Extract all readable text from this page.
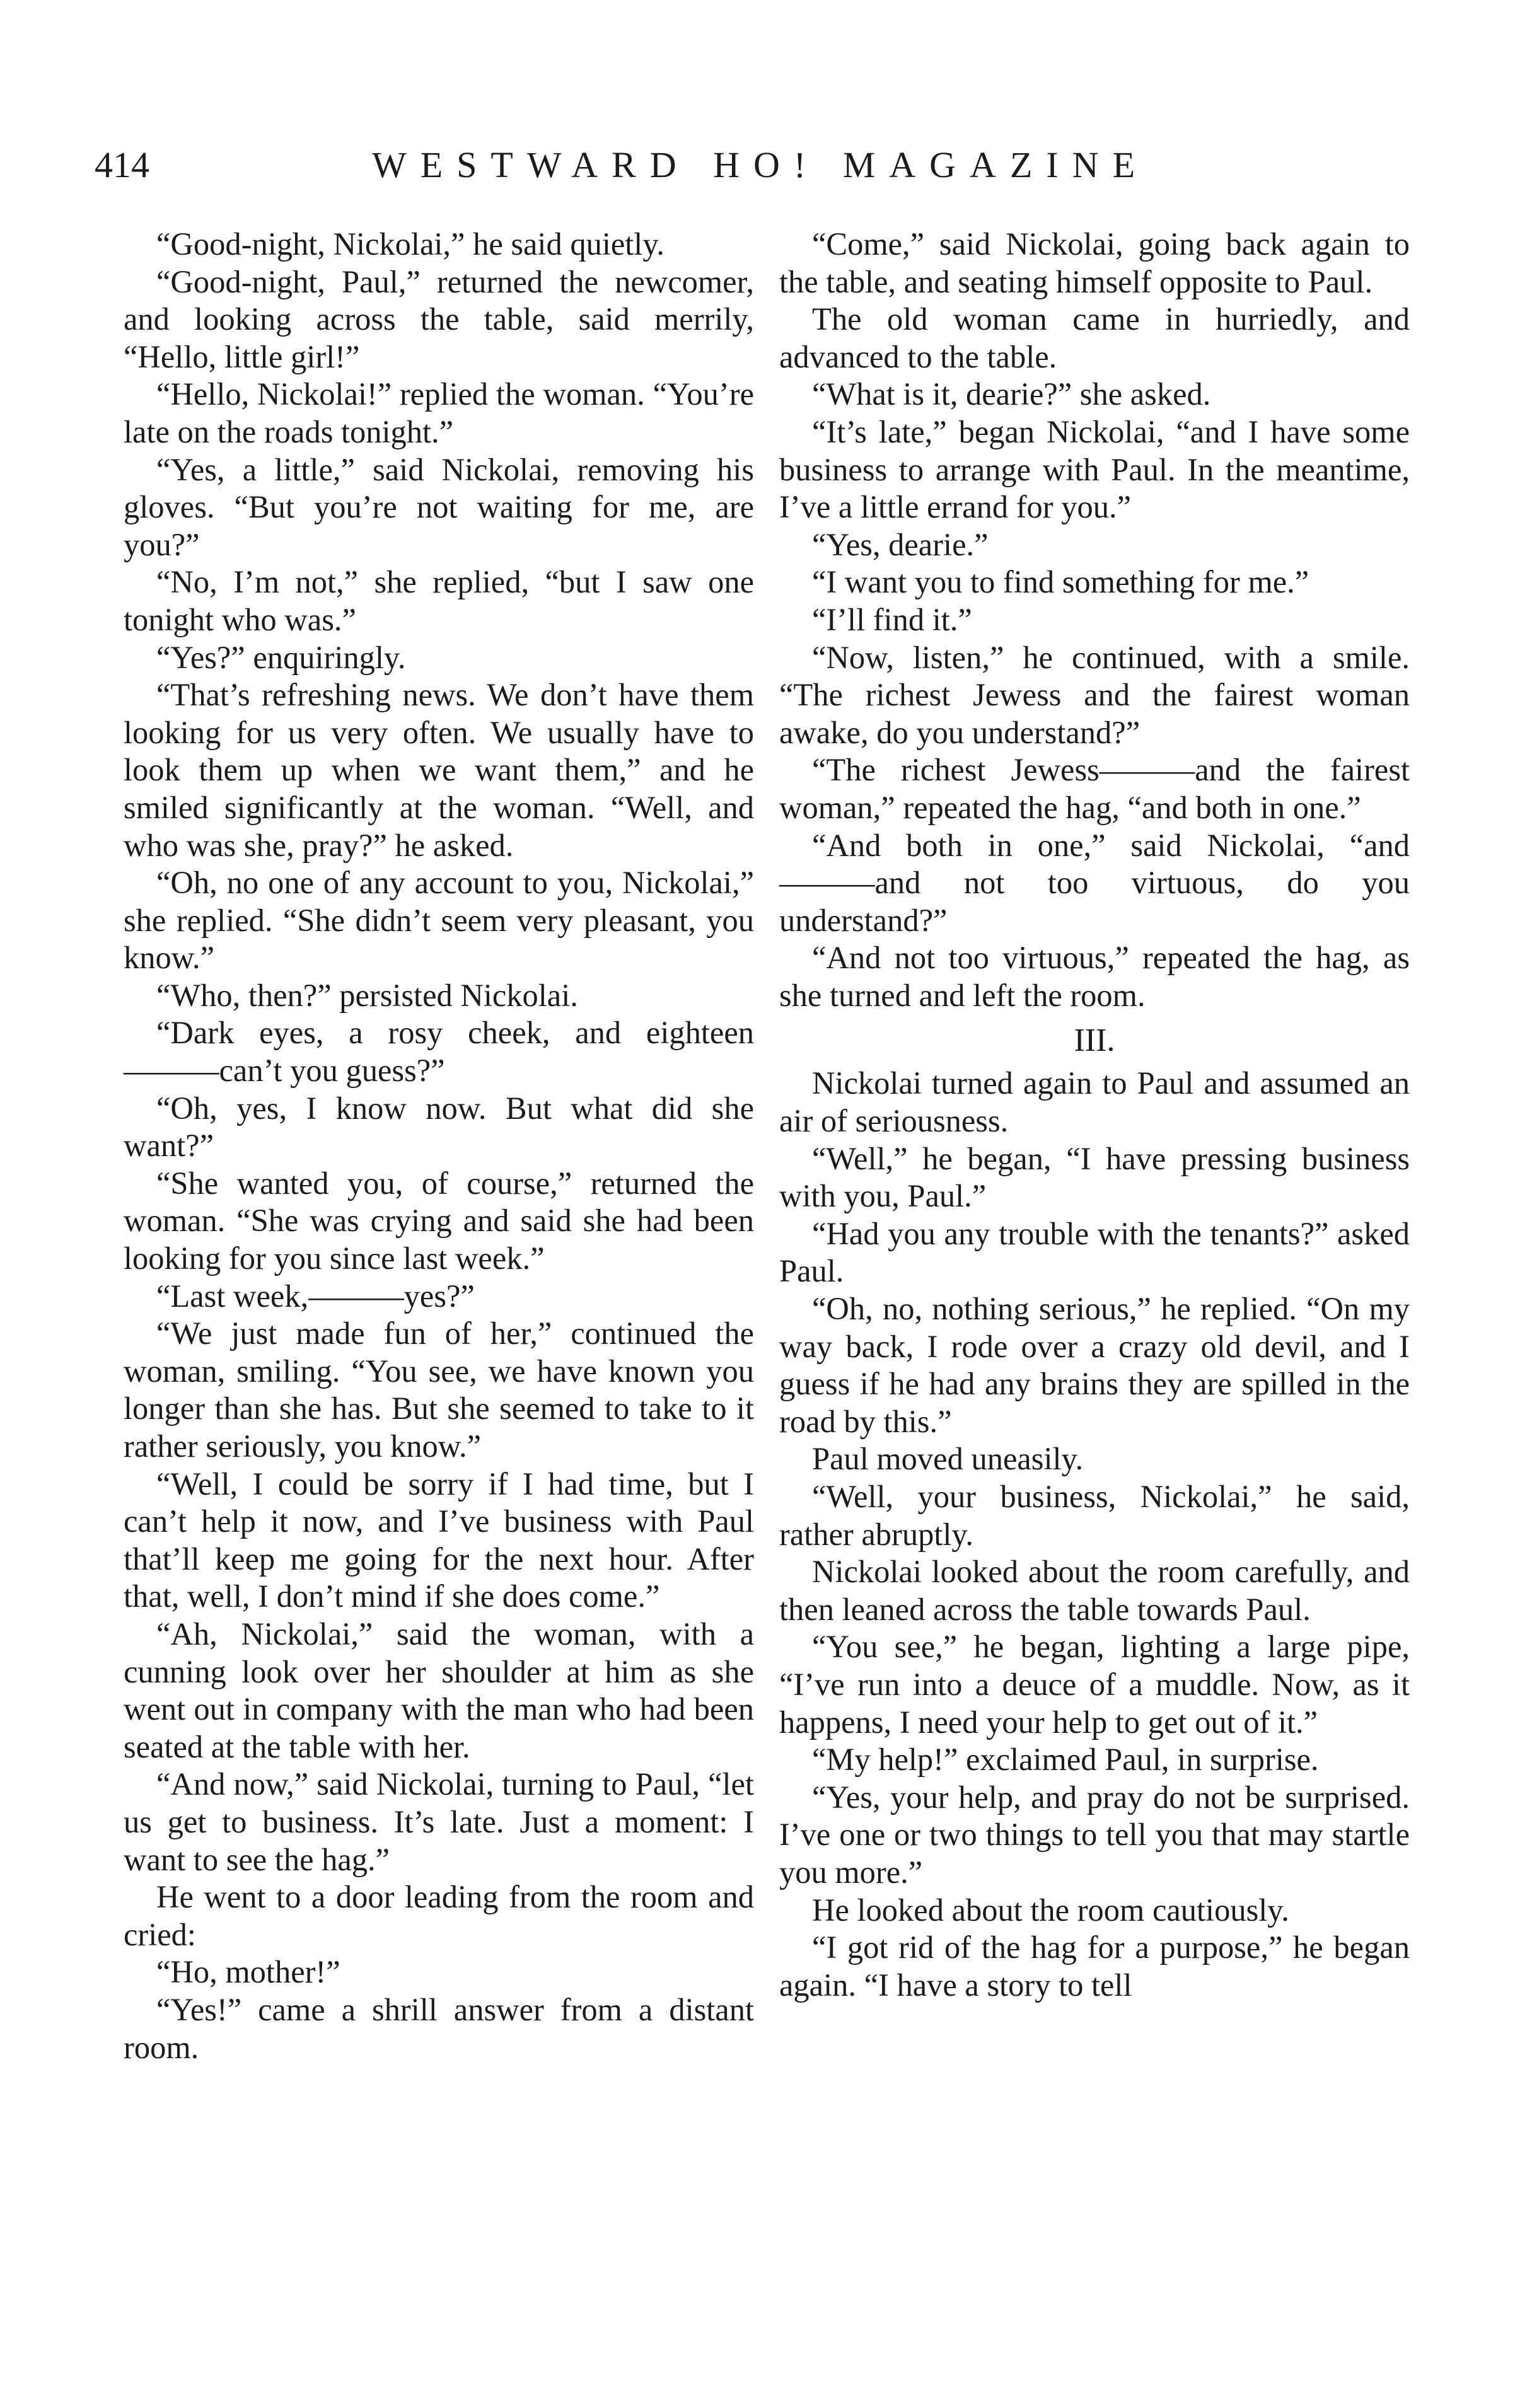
414	WESTWARD HO! MAGAZINE

“Good-night, Nickolai,” he said quietly.

“Good-night, Paul,” returned the newcomer, and looking across the table, said merrily, “Hello, little girl!”

“Hello, Nickolai!” replied the woman. “You’re late on the roads tonight.”

“Yes, a little,” said Nickolai, removing his gloves. “But you’re not waiting for me, are you?”

“No, I’m not,” she replied, “but I saw one tonight who was.”

“Yes?” enquiringly.

“That’s refreshing news. We don’t have them looking for us very often. We usually have to look them up when we want them,” and he smiled significantly at the woman. “Well, and who was she, pray?” he asked.

“Oh, no one of any account to you, Nickolai,” she replied. “She didn’t seem very pleasant, you know.”

“Who, then?” persisted Nickolai.

“Dark eyes, a rosy cheek, and eighteen ———can’t you guess?”

“Oh, yes, I know now. But what did she want?”

“She wanted you, of course,” returned the woman. “She was crying and said she had been looking for you since last week.”

“Last week,———yes?”

“We just made fun of her,” continued the woman, smiling. “You see, we have known you longer than she has. But she seemed to take to it rather seriously, you know.”

“Well, I could be sorry if I had time, but I can’t help it now, and I’ve business with Paul that’ll keep me going for the next hour. After that, well, I don’t mind if she does come.”

“Ah, Nickolai,” said the woman, with a cunning look over her shoulder at him as she went out in company with the man who had been seated at the table with her.

“And now,” said Nickolai, turning to Paul, “let us get to business. It’s late. Just a moment: I want to see the hag.”

He went to a door leading from the room and cried:

“Ho, mother!”

“Yes!” came a shrill answer from a distant room.

“Come,” said Nickolai, going back again to the table, and seating himself opposite to Paul.

The old woman came in hurriedly, and advanced to the table.

“What is it, dearie?” she asked.

“It’s late,” began Nickolai, “and I have some business to arrange with Paul. In the meantime, I’ve a little errand for you.”

“Yes, dearie.”

“I want you to find something for me.”

“I’ll find it.”

“Now, listen,” he continued, with a smile. “The richest Jewess and the fairest woman awake, do you understand?”

“The richest Jewess———and the fairest woman,” repeated the hag, “and both in one.”

“And both in one,” said Nickolai, “and ———and not too virtuous, do you understand?”

“And not too virtuous,” repeated the hag, as she turned and left the room.

III.

Nickolai turned again to Paul and assumed an air of seriousness.

“Well,” he began, “I have pressing business with you, Paul.”

“Had you any trouble with the tenants?” asked Paul.

“Oh, no, nothing serious,” he replied. “On my way back, I rode over a crazy old devil, and I guess if he had any brains they are spilled in the road by this.”

Paul moved uneasily.

“Well, your business, Nickolai,” he said, rather abruptly.

Nickolai looked about the room carefully, and then leaned across the table towards Paul.

“You see,” he began, lighting a large pipe, “I’ve run into a deuce of a muddle. Now, as it happens, I need your help to get out of it.”

“My help!” exclaimed Paul, in surprise.

“Yes, your help, and pray do not be surprised. I’ve one or two things to tell you that may startle you more.”

He looked about the room cautiously.

“I got rid of the hag for a purpose,” he began again. “I have a story to tell
